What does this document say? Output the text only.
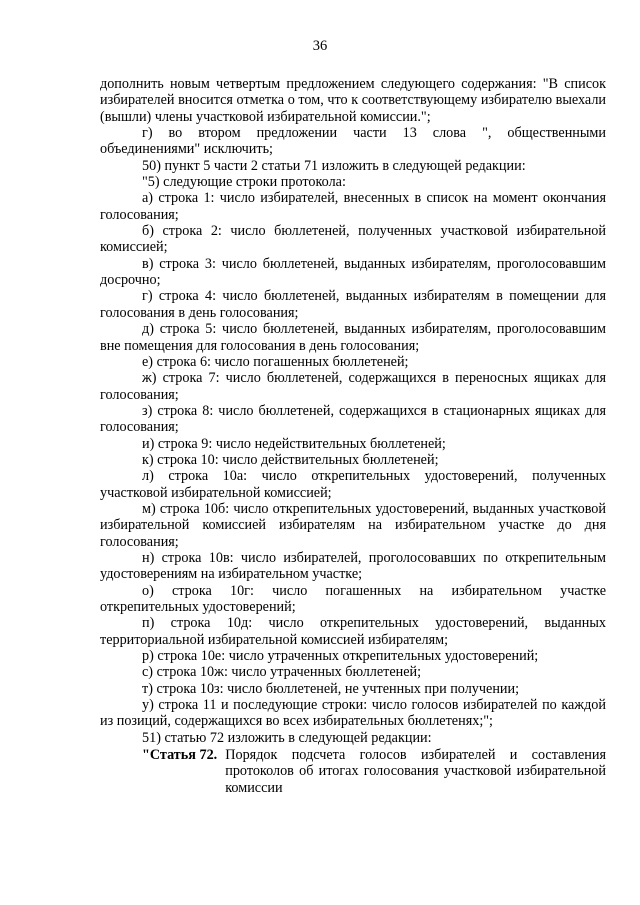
36

дополнить новым четвертым предложением следующего содержания: "В список избирателей вносится отметка о том, что к соответствующему избирателю выехали (вышли) члены участковой избирательной комиссии.";

г) во втором предложении части 13 слова ", общественными объединениями" исключить;

50) пункт 5 части 2 статьи 71 изложить в следующей редакции:

"5) следующие строки протокола:

а) строка 1: число избирателей, внесенных в список на момент окончания голосования;

б) строка 2: число бюллетеней, полученных участковой избирательной комиссией;

в) строка 3: число бюллетеней, выданных избирателям, проголосовавшим досрочно;

г) строка 4: число бюллетеней, выданных избирателям в помещении для голосования в день голосования;

д) строка 5: число бюллетеней, выданных избирателям, проголосовавшим вне помещения для голосования в день голосования;

е) строка 6: число погашенных бюллетеней;

ж) строка 7: число бюллетеней, содержащихся в переносных ящиках для голосования;

з) строка 8: число бюллетеней, содержащихся в стационарных ящиках для голосования;

и) строка 9: число недействительных бюллетеней;

к) строка 10: число действительных бюллетеней;

л) строка 10а: число открепительных удостоверений, полученных участковой избирательной комиссией;

м) строка 10б: число открепительных удостоверений, выданных участковой избирательной комиссией избирателям на избирательном участке до дня голосования;

н) строка 10в: число избирателей, проголосовавших по открепительным удостоверениям на избирательном участке;

о) строка 10г: число погашенных на избирательном участке открепительных удостоверений;

п) строка 10д: число открепительных удостоверений, выданных территориальной избирательной комиссией избирателям;

р) строка 10е: число утраченных открепительных удостоверений;

с) строка 10ж: число утраченных бюллетеней;

т) строка 10з: число бюллетеней, не учтенных при получении;

у) строка 11 и последующие строки: число голосов избирателей по каждой из позиций, содержащихся во всех избирательных бюллетенях;";

51) статью 72 изложить в следующей редакции:

"Статья 72. Порядок подсчета голосов избирателей и составления протоколов об итогах голосования участковой избирательной комиссии
